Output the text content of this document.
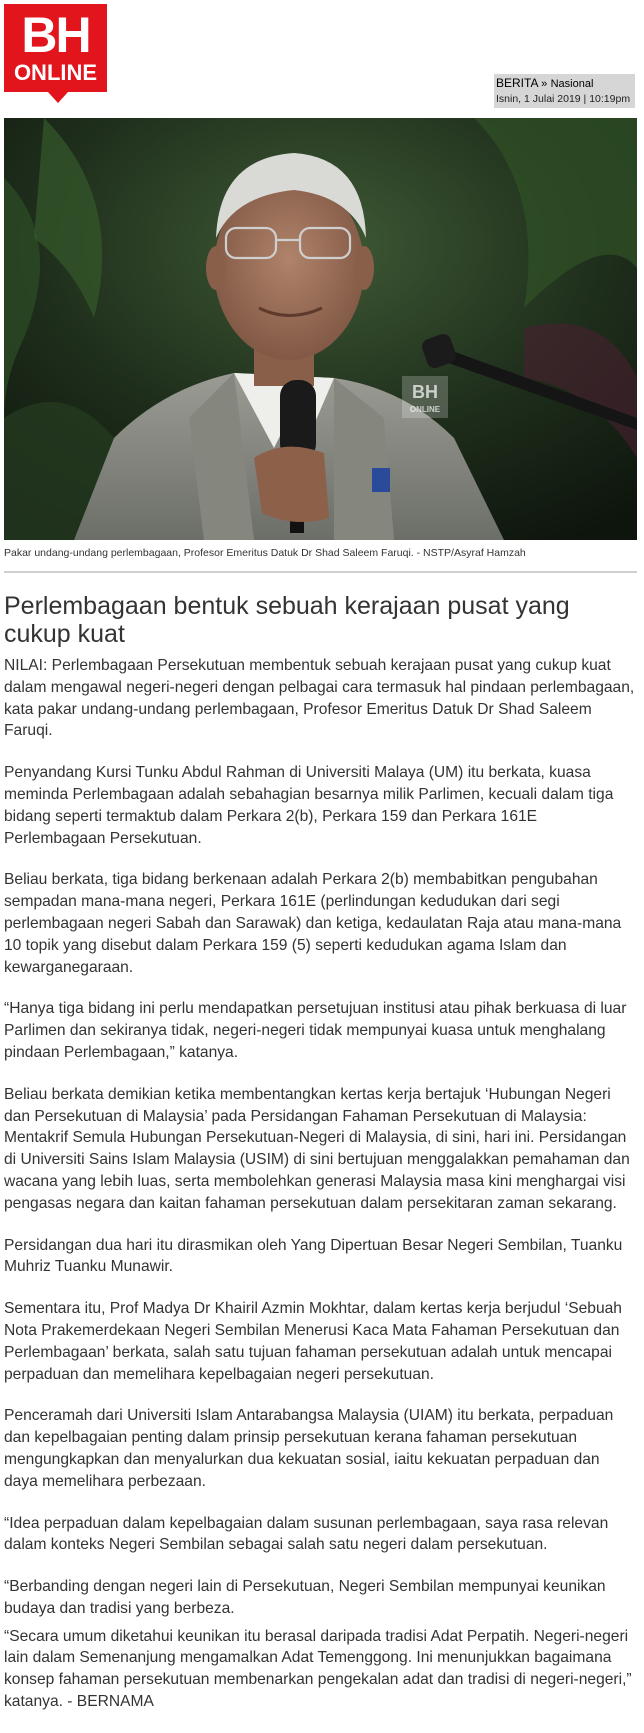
BH
ONLINE	BERITA » Nasional
Isnin, 1 Julai 2019 | 10:19pm
BH
ONLINE
Pakar undang-undang perlembagaan, Profesor Emeritus Datuk Dr Shad Saleem Faruqi. - NSTP/Asyraf Hamzah
Perlembagaan bentuk sebuah kerajaan pusat yang cukup kuat

NILAI: Perlembagaan Persekutuan membentuk sebuah kerajaan pusat yang cukup kuat dalam mengawal negeri-negeri dengan pelbagai cara termasuk hal pindaan perlembagaan, kata pakar undang-undang perlembagaan, Profesor Emeritus Datuk Dr Shad Saleem Faruqi.

Penyandang Kursi Tunku Abdul Rahman di Universiti Malaya (UM) itu berkata, kuasa meminda Perlembagaan adalah sebahagian besarnya milik Parlimen, kecuali dalam tiga bidang seperti termaktub dalam Perkara 2(b), Perkara 159 dan Perkara 161E Perlembagaan Persekutuan.

Beliau berkata, tiga bidang berkenaan adalah Perkara 2(b) membabitkan pengubahan sempadan mana-mana negeri, Perkara 161E (perlindungan kedudukan dari segi perlembagaan negeri Sabah dan Sarawak) dan ketiga, kedaulatan Raja atau mana-mana 10 topik yang disebut dalam Perkara 159 (5) seperti kedudukan agama Islam dan kewarganegaraan.

“Hanya tiga bidang ini perlu mendapatkan persetujuan institusi atau pihak berkuasa di luar Parlimen dan sekiranya tidak, negeri-negeri tidak mempunyai kuasa untuk menghalang pindaan Perlembagaan,” katanya.

Beliau berkata demikian ketika membentangkan kertas kerja bertajuk ‘Hubungan Negeri dan Persekutuan di Malaysia’ pada Persidangan Fahaman Persekutuan di Malaysia: Mentakrif Semula Hubungan Persekutuan-Negeri di Malaysia, di sini, hari ini. Persidangan di Universiti Sains Islam Malaysia (USIM) di sini bertujuan menggalakkan pemahaman dan wacana yang lebih luas, serta membolehkan generasi Malaysia masa kini menghargai visi pengasas negara dan kaitan fahaman persekutuan dalam persekitaran zaman sekarang.

Persidangan dua hari itu dirasmikan oleh Yang Dipertuan Besar Negeri Sembilan, Tuanku Muhriz Tuanku Munawir.

Sementara itu, Prof Madya Dr Khairil Azmin Mokhtar, dalam kertas kerja berjudul ‘Sebuah Nota Prakemerdekaan Negeri Sembilan Menerusi Kaca Mata Fahaman Persekutuan dan Perlembagaan’ berkata, salah satu tujuan fahaman persekutuan adalah untuk mencapai perpaduan dan memelihara kepelbagaian negeri persekutuan.

Penceramah dari Universiti Islam Antarabangsa Malaysia (UIAM) itu berkata, perpaduan dan kepelbagaian penting dalam prinsip persekutuan kerana fahaman persekutuan mengungkapkan dan menyalurkan dua kekuatan sosial, iaitu kekuatan perpaduan dan daya memelihara perbezaan.

“Idea perpaduan dalam kepelbagaian dalam susunan perlembagaan, saya rasa relevan dalam konteks Negeri Sembilan sebagai salah satu negeri dalam persekutuan.

“Berbanding dengan negeri lain di Persekutuan, Negeri Sembilan mempunyai keunikan budaya dan tradisi yang berbeza.

“Secara umum diketahui keunikan itu berasal daripada tradisi Adat Perpatih. Negeri-negeri lain dalam Semenanjung mengamalkan Adat Temenggong. Ini menunjukkan bagaimana konsep fahaman persekutuan membenarkan pengekalan adat dan tradisi di negeri-negeri,” katanya. - BERNAMA
